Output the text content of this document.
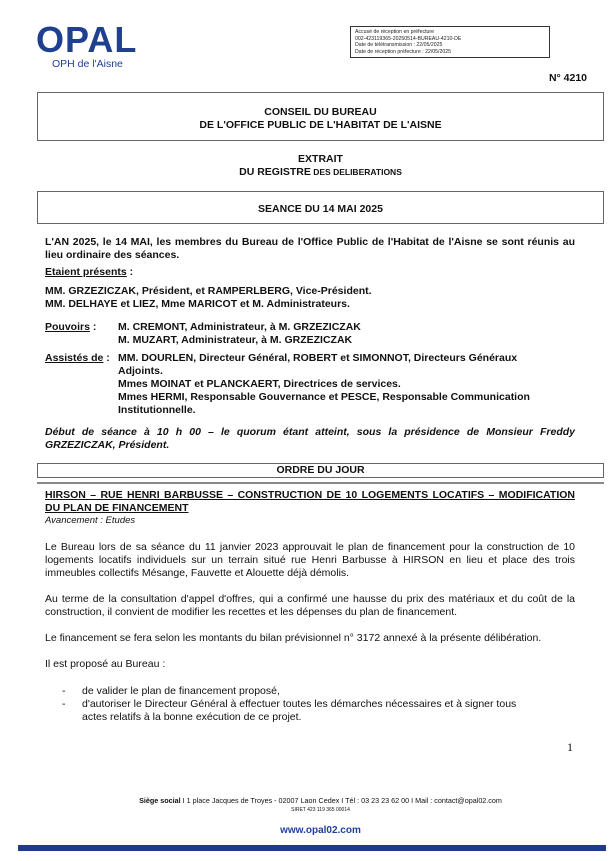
OPAL
OPH de l'Aisne
Accusé de réception en préfecture
002-423119365-20250514-BUREAU-4210-DE
Date de télétransmission : 22/05/2025
Date de réception préfecture : 22/05/2025
N° 4210
CONSEIL DU BUREAU
DE L'OFFICE PUBLIC DE L'HABITAT DE L'AISNE
EXTRAIT
DU REGISTRE DES DELIBERATIONS
SEANCE DU 14 MAI 2025
L'AN 2025, le 14 MAI, les membres du Bureau de l'Office Public de l'Habitat de l'Aisne se sont réunis au lieu ordinaire des séances.
Etaient présents :
MM. GRZEZICZAK, Président, et RAMPERLBERG, Vice-Président.
MM. DELHAYE et LIEZ, Mme MARICOT et M. Administrateurs.
Pouvoirs : M. CREMONT, Administrateur, à M. GRZEZICZAK
M. MUZART, Administrateur, à M. GRZEZICZAK
Assistés de : MM. DOURLEN, Directeur Général, ROBERT et SIMONNOT, Directeurs Généraux
Adjoints.
Mmes MOINAT et PLANCKAERT, Directrices de services.
Mmes HERMI, Responsable Gouvernance et PESCE, Responsable Communication
Institutionnelle.
Début de séance à 10 h 00 – le quorum étant atteint, sous la présidence de Monsieur Freddy GRZEZICZAK, Président.
ORDRE DU JOUR
HIRSON – RUE HENRI BARBUSSE – CONSTRUCTION DE 10 LOGEMENTS LOCATIFS – MODIFICATION DU PLAN DE FINANCEMENT
Avancement : Etudes
Le Bureau lors de sa séance du 11 janvier 2023 approuvait le plan de financement pour la construction de 10 logements locatifs individuels sur un terrain situé rue Henri Barbusse à HIRSON en lieu et place des trois immeubles collectifs Mésange, Fauvette et Alouette déjà démolis.
Au terme de la consultation d'appel d'offres, qui a confirmé une hausse du prix des matériaux et du coût de la construction, il convient de modifier les recettes et les dépenses du plan de financement.
Le financement se fera selon les montants du bilan prévisionnel n° 3172 annexé à la présente délibération.
Il est proposé au Bureau :
- de valider le plan de financement proposé,
- d'autoriser le Directeur Général à effectuer toutes les démarches nécessaires et à signer tous
actes relatifs à la bonne exécution de ce projet.
1
Siège social I 1 place Jacques de Troyes - 02007 Laon Cedex I Tél : 03 23 23 62 00 I Mail : contact@opal02.com
SIRET 423 119 365 00014
www.opal02.com
